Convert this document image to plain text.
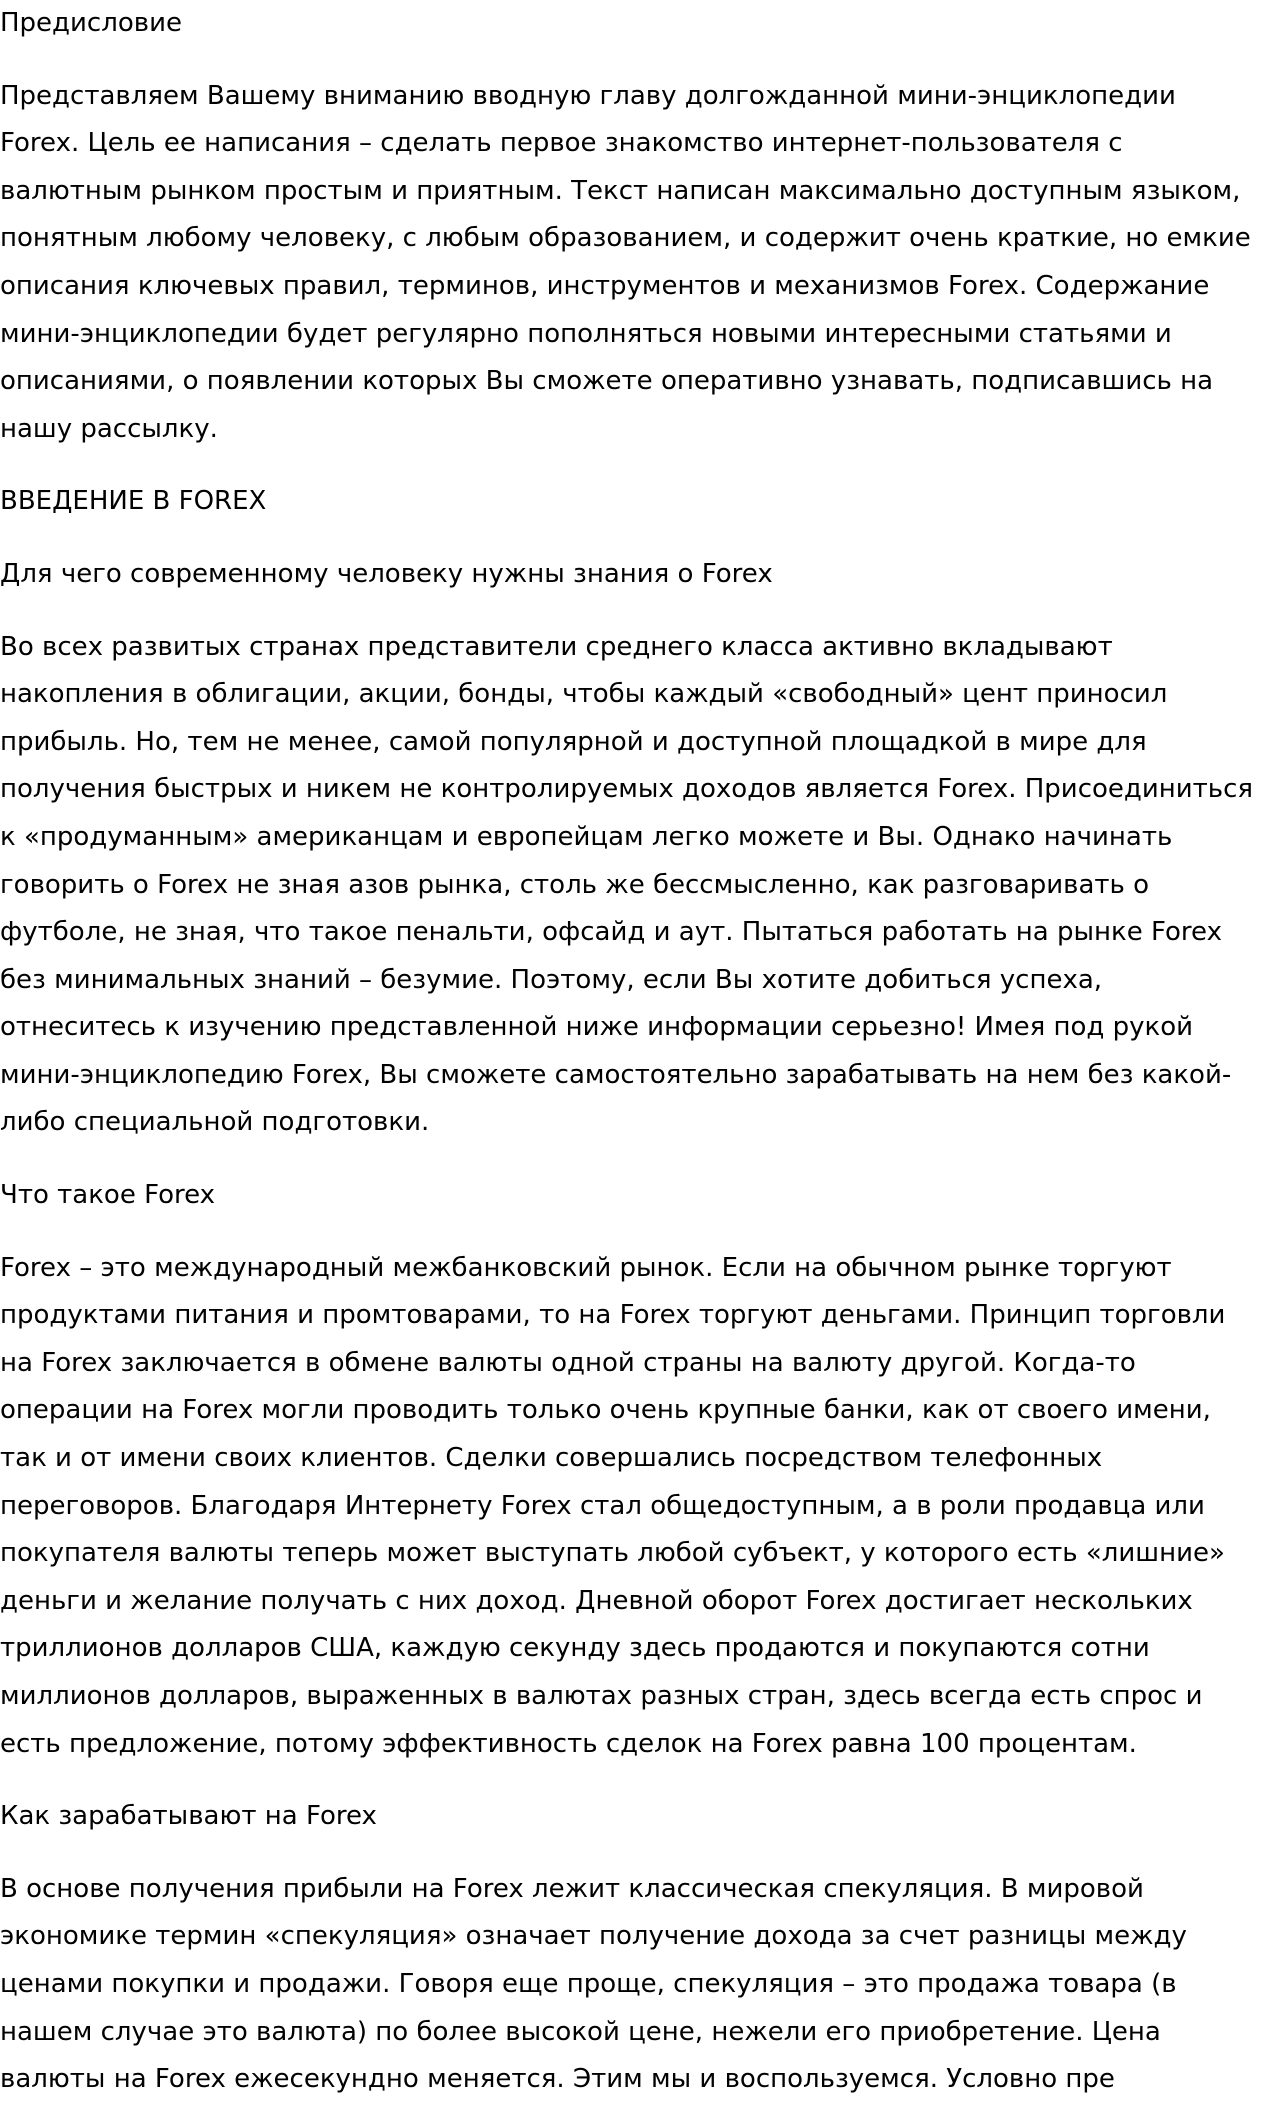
Предисловие

Представляем Вашему вниманию вводную главу долгожданной мини-энциклопедии Forex. Цель ее написания – сделать первое знакомство интернет-пользователя с валютным рынком простым и приятным. Текст написан максимально доступным языком, понятным любому человеку, с любым образованием, и содержит очень краткие, но емкие описания ключевых правил, терминов, инструментов и механизмов Forex. Содержание мини-энциклопедии будет регулярно пополняться новыми интересными статьями и описаниями, о появлении которых Вы сможете оперативно узнавать, подписавшись на нашу рассылку.

ВВЕДЕНИЕ В FOREX

Для чего современному человеку нужны знания о Forex

Во всех развитых странах представители среднего класса активно вкладывают накопления в облигации, акции, бонды, чтобы каждый «свободный» цент приносил прибыль. Но, тем не менее, самой популярной и доступной площадкой в мире для получения быстрых и никем не контролируемых доходов является Forex. Присоединиться к «продуманным» американцам и европейцам легко можете и Вы. Однако начинать говорить о Forex не зная азов рынка, столь же бессмысленно, как разговаривать о футболе, не зная, что такое пенальти, офсайд и аут. Пытаться работать на рынке Forex без минимальных знаний – безумие. Поэтому, если Вы хотите добиться успеха, отнеситесь к изучению представленной ниже информации серьезно! Имея под рукой мини-энциклопедию Forex, Вы сможете самостоятельно зарабатывать на нем без какой-либо специальной подготовки.

Что такое Forex

Forex – это международный межбанковский рынок. Если на обычном рынке торгуют продуктами питания и промтоварами, то на Forex торгуют деньгами. Принцип торговли на Forex заключается в обмене валюты одной страны на валюту другой. Когда-то операции на Forex могли проводить только очень крупные банки, как от своего имени, так и от имени своих клиентов. Сделки совершались посредством телефонных переговоров. Благодаря Интернету Forex стал общедоступным, а в роли продавца или покупателя валюты теперь может выступать любой субъект, у которого есть «лишние» деньги и желание получать с них доход. Дневной оборот Forex достигает нескольких триллионов долларов США, каждую секунду здесь продаются и покупаются сотни миллионов долларов, выраженных в валютах разных стран, здесь всегда есть спрос и есть предложение, потому эффективность сделок на Forex равна 100 процентам.

Как зарабатывают на Forex

В основе получения прибыли на Forex лежит классическая спекуляция. В мировой экономике термин «спекуляция» означает получение дохода за счет разницы между ценами покупки и продажи. Говоря еще проще, спекуляция – это продажа товара (в нашем случае это валюта) по более высокой цене, нежели его приобретение. Цена валюты на Forex ежесекундно меняется. Этим мы и воспользуемся. Условно пре
